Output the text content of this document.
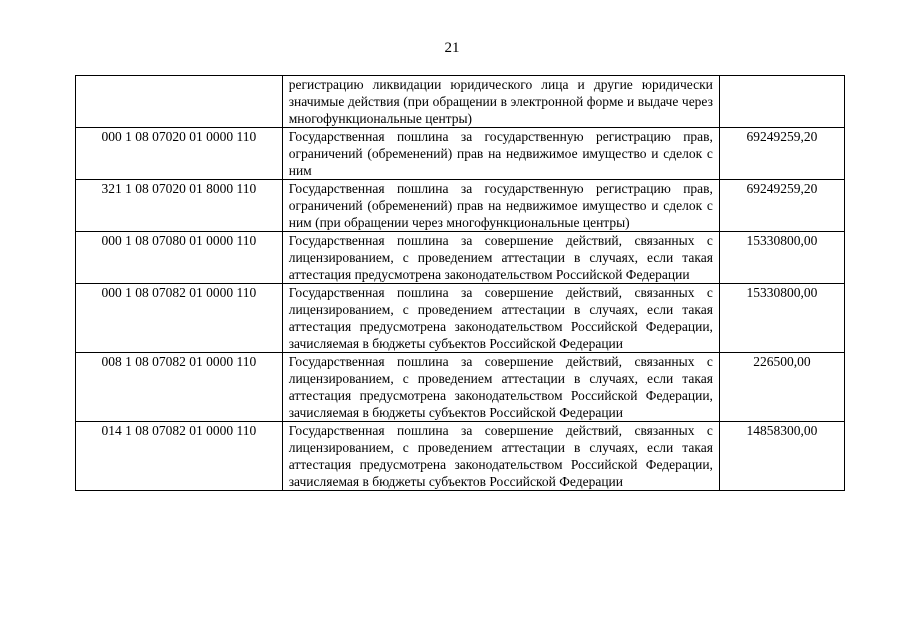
21
	регистрацию ликвидации юридического лица и другие юридически значимые действия (при обращении в электронной форме и выдаче через многофункциональные центры)	
000 1 08 07020 01 0000 110	Государственная пошлина за государственную регистрацию прав, ограничений (обременений) прав на недвижимое имущество и сделок с ним	69249259,20
321 1 08 07020 01 8000 110	Государственная пошлина за государственную регистрацию прав, ограничений (обременений) прав на недвижимое имущество и сделок с ним (при обращении через многофункциональные центры)	69249259,20
000 1 08 07080 01 0000 110	Государственная пошлина за совершение действий, связанных с лицензированием, с проведением аттестации в случаях, если такая аттестация предусмотрена законодательством Российской Федерации	15330800,00
000 1 08 07082 01 0000 110	Государственная пошлина за совершение действий, связанных с лицензированием, с проведением аттестации в случаях, если такая аттестация предусмотрена законодательством Российской Федерации, зачисляемая в бюджеты субъектов Российской Федерации	15330800,00
008 1 08 07082 01 0000 110	Государственная пошлина за совершение действий, связанных с лицензированием, с проведением аттестации в случаях, если такая аттестация предусмотрена законодательством Российской Федерации, зачисляемая в бюджеты субъектов Российской Федерации	226500,00
014 1 08 07082 01 0000 110	Государственная пошлина за совершение действий, связанных с лицензированием, с проведением аттестации в случаях, если такая аттестация предусмотрена законодательством Российской Федерации, зачисляемая в бюджеты субъектов Российской Федерации	14858300,00
